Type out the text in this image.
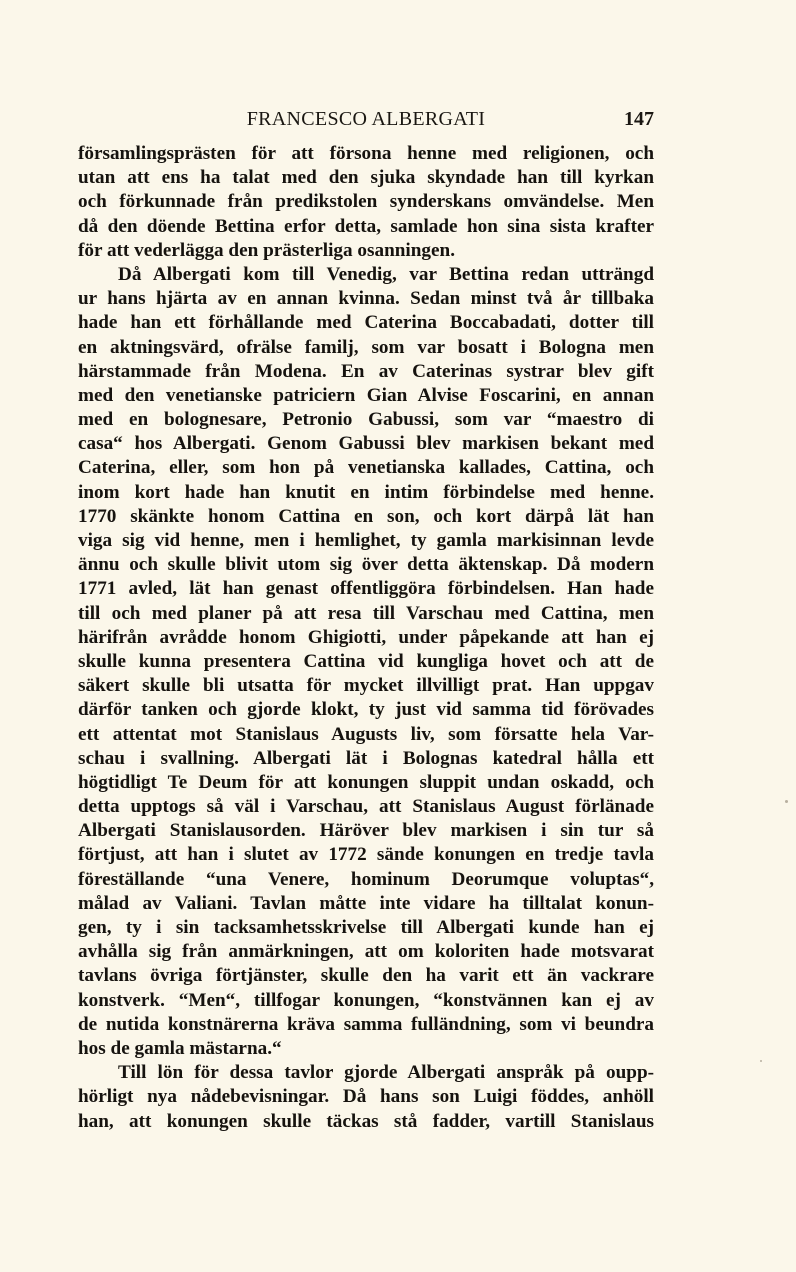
FRANCESCO ALBERGATI	147
församlingsprästen för att försona henne med religionen, och
utan att ens ha talat med den sjuka skyndade han till kyrkan
och förkunnade från predikstolen synderskans omvändelse. Men
då den döende Bettina erfor detta, samlade hon sina sista krafter
för att vederlägga den prästerliga osanningen.
Då Albergati kom till Venedig, var Bettina redan utträngd
ur hans hjärta av en annan kvinna. Sedan minst två år tillbaka
hade han ett förhållande med Caterina Boccabadati, dotter till
en aktningsvärd, ofrälse familj, som var bosatt i Bologna men
härstammade från Modena. En av Caterinas systrar blev gift
med den venetianske patriciern Gian Alvise Foscarini, en annan
med en bolognesare, Petronio Gabussi, som var “maestro di
casa“ hos Albergati. Genom Gabussi blev markisen bekant med
Caterina, eller, som hon på venetianska kallades, Cattina, och
inom kort hade han knutit en intim förbindelse med henne.
1770 skänkte honom Cattina en son, och kort därpå lät han
viga sig vid henne, men i hemlighet, ty gamla markisinnan levde
ännu och skulle blivit utom sig över detta äktenskap. Då modern
1771 avled, lät han genast offentliggöra förbindelsen. Han hade
till och med planer på att resa till Varschau med Cattina, men
härifrån avrådde honom Ghigiotti, under påpekande att han ej
skulle kunna presentera Cattina vid kungliga hovet och att de
säkert skulle bli utsatta för mycket illvilligt prat. Han uppgav
därför tanken och gjorde klokt, ty just vid samma tid förövades
ett attentat mot Stanislaus Augusts liv, som försatte hela Var-
schau i svallning. Albergati lät i Bolognas katedral hålla ett
högtidligt Te Deum för att konungen sluppit undan oskadd, och
detta upptogs så väl i Varschau, att Stanislaus August förlänade
Albergati Stanislausorden. Häröver blev markisen i sin tur så
förtjust, att han i slutet av 1772 sände konungen en tredje tavla
föreställande “una Venere, hominum Deorumque voluptas“,
målad av Valiani. Tavlan måtte inte vidare ha tilltalat konun-
gen, ty i sin tacksamhetsskrivelse till Albergati kunde han ej
avhålla sig från anmärkningen, att om koloriten hade motsvarat
tavlans övriga förtjänster, skulle den ha varit ett än vackrare
konstverk. “Men“, tillfogar konungen, “konstvännen kan ej av
de nutida konstnärerna kräva samma fulländning, som vi beundra
hos de gamla mästarna.“
Till lön för dessa tavlor gjorde Albergati anspråk på oupp-
hörligt nya nådebevisningar. Då hans son Luigi föddes, anhöll
han, att konungen skulle täckas stå fadder, vartill Stanislaus
